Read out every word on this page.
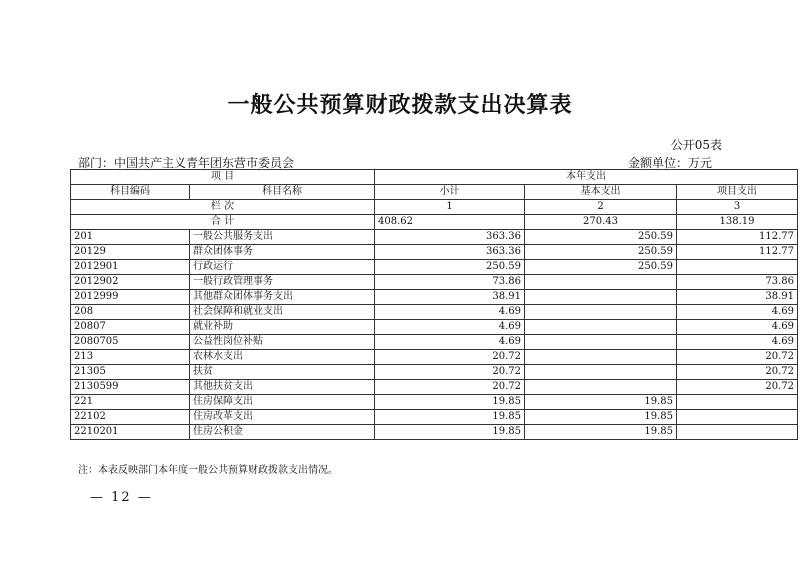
一般公共预算财政拨款支出决算表
公开05表
部门：中国共产主义青年团东营市委员会	金额单位：万元
项 目		本年支出		
科目编码	科目名称	小计	基本支出	项目支出
栏 次		1	2	3
合 计		408.62	270.43	138.19
201	一般公共服务支出	363.36	250.59	112.77
20129	群众团体事务	363.36	250.59	112.77
2012901	行政运行	250.59	250.59	
2012902	一般行政管理事务	73.86		73.86
2012999	其他群众团体事务支出	38.91		38.91
208	社会保障和就业支出	4.69		4.69
20807	就业补助	4.69		4.69
2080705	公益性岗位补贴	4.69		4.69
213	农林水支出	20.72		20.72
21305	扶贫	20.72		20.72
2130599	其他扶贫支出	20.72		20.72
221	住房保障支出	19.85	19.85	
22102	住房改革支出	19.85	19.85	
2210201	住房公积金	19.85	19.85	
注：本表反映部门本年度一般公共预算财政拨款支出情况。
— 12 —
